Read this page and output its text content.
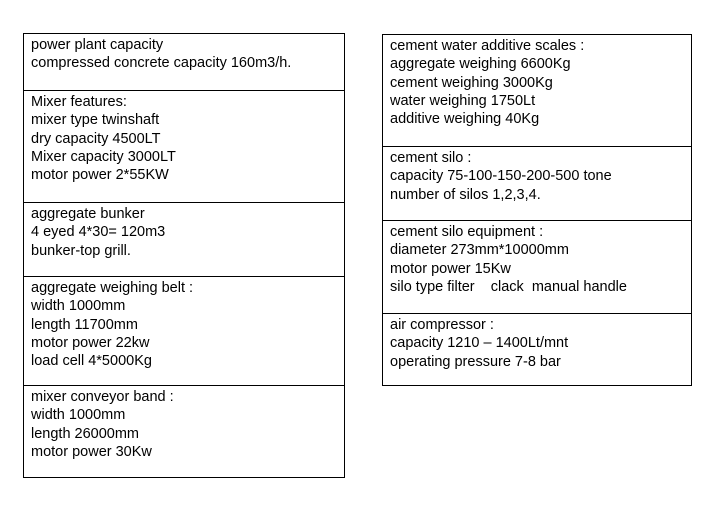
power plant capacity
compressed concrete capacity 160m3/h.
Mixer features:
mixer type twinshaft
dry capacity 4500LT
Mixer capacity 3000LT
motor power 2*55KW
aggregate bunker
4 eyed 4*30= 120m3
bunker-top grill.
aggregate weighing belt :
width 1000mm
length 11700mm
motor power 22kw
load cell 4*5000Kg
mixer conveyor band :
width 1000mm
length 26000mm
motor power 30Kw
cement water additive scales :
aggregate weighing 6600Kg
cement weighing 3000Kg
water weighing 1750Lt
additive weighing 40Kg
cement silo :
capacity 75-100-150-200-500 tone
number of silos 1,2,3,4.
cement silo equipment :
diameter 273mm*10000mm
motor power 15Kw
silo type filter    clack  manual handle
air compressor :
capacity 1210 – 1400Lt/mnt
operating pressure 7-8 bar
